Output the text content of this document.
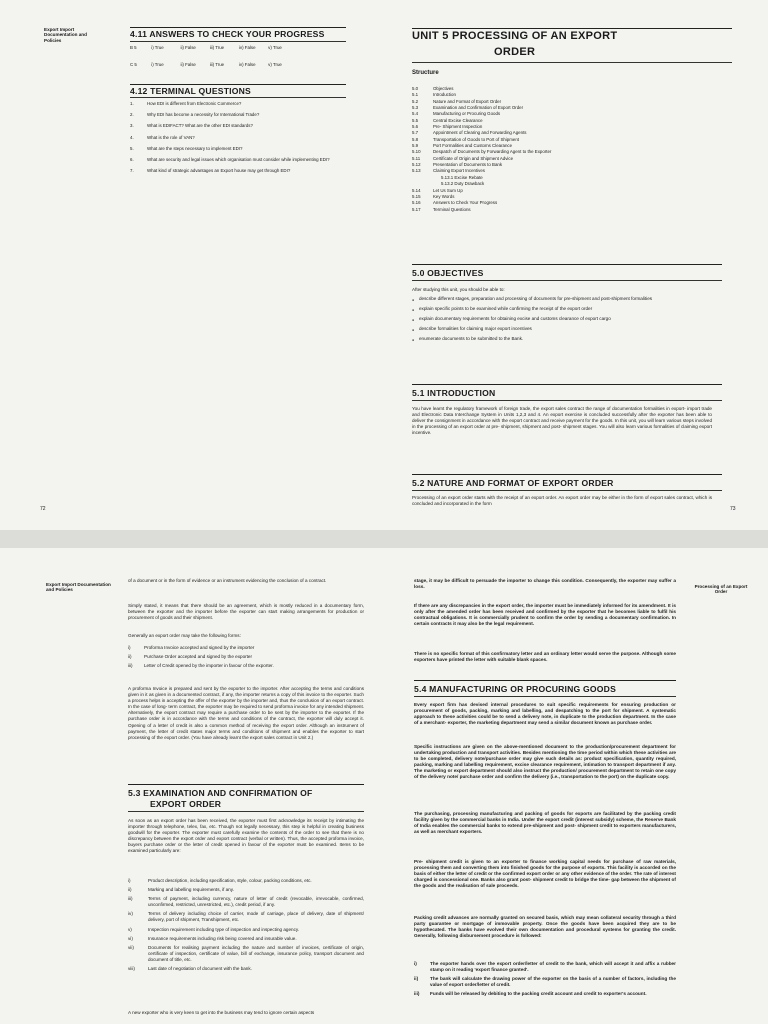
Export Import Documentation and Policies
4.11 ANSWERS TO CHECK YOUR PROGRESS
B 5	i) True	ii) False	iii) True	iv) False	v) True
C 5	i) True	ii) False	iii) True	iv) False	v) True
4.12 TERMINAL QUESTIONS
1.	How EDI is different from Electronic Commerce?
2.	Why EDI has become a necessity for International Trade?
3.	What is EDIFACT? What are the other EDI standards?
4.	What is the role of VAN?
5.	What are the steps necessary to implement EDI?
6.	What are security and legal issues which organisation must consider while implementing EDI?
7.	What kind of strategic advantages an Export house may get through EDI?
72
UNIT 5 PROCESSING OF AN EXPORT
ORDER
Structure
5.0	Objectives
5.1	Introduction
5.2	Nature and Format of Export Order
5.3	Examination and Confirmation of Export Order
5.4	Manufacturing or Procuring Goods
5.5	Central Excise Clearance
5.6	Pre- Shipment Inspection
5.7	Appointment of Clearing and Forwarding Agents
5.8	Transportation of Goods to Port of Shipment
5.9	Port Formalities and Customs Clearance
5.10	Despatch of Documents by Forwarding Agent to the Exporter
5.11	Certificate of Origin and Shipment Advice
5.12	Presentation of Documents to Bank
5.13	Claiming Export Incentives
5.13.1 Excise Rebate
5.13.2 Duty Drawback
5.14	Let Us Sum Up
5.15	Key Words
5.16	Answers to Check Your Progress
5.17	Terminal Questions
5.0 OBJECTIVES
After studying this unit, you should be able to:
● describe different stages, preparation and processing of documents for pre-shipment and post-shipment formalities
● explain specific points to be examined while confirming the receipt of the export order
● explain documentary requirements for obtaining excise and customs clearance of export cargo
● describe formalities for claiming major export incentives
● enumerate documents to be submitted to the Bank.
5.1 INTRODUCTION
You have learnt the regulatory framework of foreign trade, the export sales contract the range of documentation formalities in export- import trade and Electronic Data Interchange System in Units 1,2,3 and 4. An export exercise is concluded successfully after the exporter has been able to deliver the consignment in accordance with the export contract and receive payment for the goods. In this unit, you will learn various steps involved in the processing of an export order at pre- shipment, shipment and post- shipment stages. You will also learn various formalities of claiming export incentive.
5.2 NATURE AND FORMAT OF EXPORT ORDER
Processing of an export order starts with the receipt of an export order. An export order may be either in the form of export sales contract, which is concluded and incorporated in the form
73
Export Import Documentation and Policies
of a document or in the form of evidence or an instrument evidencing the conclusion of a contract.
Simply stated, it means that there should be an agreement, which is mostly reduced in a documentary form, between the exporter and the importer before the exporter can start making arrangements for production or procurement of goods and their shipment.
Generally an export order may take the following forms:
i)	Proforma Invoice accepted and signed by the importer
ii)	Purchase Order accepted and signed by the exporter
iii)	Letter of Credit opened by the importer in favour of the exporter.
A proforma Invoice is prepared and sent by the exporter to the importer. After accepting the terms and conditions given in it as given in a documented contract, if any, the importer returns a copy of this invoice to the exporter. Such a process helps in accepting the offer of the exporter by the importer and, thus the conclusion of an export contract. In the case of long- term contract, the exporter may be required to send proforma invoice for any intended shipment. Alternatively, the export contract may require a purchase order to be sent by the importer to the exporter. If the purchase order is in accordance with the terms and conditions of the contract, the exporter will duly accept it. Opening of a letter of credit is also a common method of receiving the export order. Although an instrument of payment, the letter of credit states major terms and conditions of shipment and enables the exporter to start processing of the export order. (You have already learnt the export sales contract in Unit 2.)
5.3 EXAMINATION AND CONFIRMATION OF
EXPORT ORDER
As soon as an export order has been received, the exporter must first acknowledge its receipt by intimating the importer through telephone, telex, fax, etc. Though not legally necessary, this step is helpful in creating business goodwill for the exporter. The exporter must carefully examine the contents of the order to see that there is no discrepancy between the export order and export contract (verbal or written). Thus, the accepted proforma invoice, buyers purchase order or the letter of credit opened in favour of the exporter must be examined. Items to be examined particularly are:
i)	Product description, including specification, style, colour, packing conditions, etc.
ii)	Marking and labelling requirements, if any.
iii)	Terms of payment, including currency, nature of letter of credit (revocable, irrevocable, confirmed, unconfirmed, restricted, unrestricted, etc.), credit period, if any.
iv)	Terms of delivery including choice of carrier, mode of carriage, place of delivery, date of shipment/ delivery, port of shipment, Transhipment, etc.
v)	Inspection requirement including type of inspection and inspecting agency.
vi)	Insurance requirements including risk being covered and insurable value.
vii)	Documents for realising payment including the nature and number of invoices, certificate of origin, certificate of inspection, certificate of value, bill of exchange, insurance policy, transport document and document of title, etc.
viii)	Last date of negotiation of document with the bank.
A new exporter who is very keen to get into the business may tend to ignore certain aspects
Processing of an Export Order
stage, it may be difficult to persuade the importer to change this condition. Consequently, the exporter may suffer a loss.
If there are any discrepancies in the export order, the importer must be immediately informed for its amendment. It is only after the amended order has been received and confirmed by the exporter that he becomes liable to fulfil his contractual obligations. It is commercially prudent to confirm the order by sending a documentary confirmation. In certain contracts it may also be the legal requirement.
There is no specific format of this confirmatory letter and an ordinary letter would serve the purpose. Although some exporters have printed the letter with suitable blank spaces.
5.4 MANUFACTURING OR PROCURING GOODS
Every export firm has devised internal procedures to suit specific requirements for ensuring production or procurement of goods, packing, marking and labelling, and despatching to the port for shipment. A systematic approach to these activities could be to send a delivery note, in duplicate to the production department. In the case of a merchant- exporter, the marketing department may send a similar document known as purchase order.
Specific instructions are given on the above-mentioned document to the production/procurement department for undertaking production and transport activities. Besides mentioning the time period within which these activities are to be completed, delivery note/purchase order may give such details as: product specification, quantity required, packing, marking and labelling requirement, excise clearance requirement, intimation to transport department if any. The marketing or export department should also instruct the production/ procurement department to retain one copy of the delivery note/ purchase order and confirm the delivery (i.e., transportation to the port) on the duplicate copy.
The purchasing, processing manufacturing and packing of goods for exports are facilitated by the packing credit facility given by the commercial banks in India. Under the export credit (interest subsidy) scheme, the Reserve Bank of India enables the commercial banks to extend pre-shipment and post- shipment credit to exporters manufacturers, as well as merchant exporters.
Pre- shipment credit is given to an exporter to finance working capital needs for purchase of raw materials, processing them and converting them into finished goods for the purpose of exports. This facility is accorded on the basis of either the letter of credit or the confirmed export order or any other evidence of the order. The rate of interest charged is concessional one. Banks also grant post- shipment credit to bridge the time- gap between the shipment of the goods and the realisation of sale proceeds.
Packing credit advances are normally granted on secured basis, which may mean collateral security through a third party guarantee or mortgage of immovable property. Once the goods have been acquired they are to be hypothecated. The banks have evolved their own documentation and procedural systems for granting the credit. Generally, following disbursement procedure is followed:
i)	The exporter hands over the export order/letter of credit to the bank, which will accept it and affix a rubber stamp on it reading 'export finance granted'.
ii)	The bank will calculate the drawing power of the exporter on the basis of a number of factors, including the value of export order/letter of credit.
iii)	Funds will be released by debiting to the packing credit account and credit to exporter's account.
